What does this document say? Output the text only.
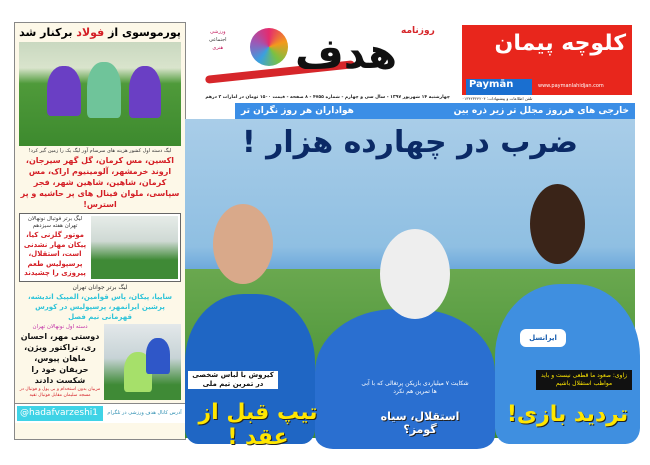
پورموسوی از فولاد برکنار شد
لیگ دسته اول کشور هزینه های سرسام آور لیگ یک را زمین گیر کرد!
اکسین، مس کرمان، گل گهر سیرجان، اروند خرمشهر، آلومینیوم اراک، مس کرمان، شاهین، شاهین شهر، فجر سپاسی، ملوان فینال های پر حاشیه و پر استرس!
لیگ برتر فوتبال نونهالان تهران هفته سیزدهم
موتور گلزنی کیا، پیکان مهار نشدنی است، استقلال، پرسپولیس طعم پیروزی را چشیدند
لیگ برتر جوانان تهران
سایپا، پیکان، پاس قوامین، المپیک اندیشه، پرشین ایرانمهر، پرسپولیس در کورس قهرمانی نیم فصل
دسته اول نونهالان تهران
دوستی مهر، احسان ری، تراکتور ویژن، ماهان پیوس، حریفان خود را شکست دادند
مربیان بدون استخدام و بی پول و فوتبال در مسجد سلیمان مقابل فوتبال تقیه
@hadafvarzeshi1	آدرس کانال هدف ورزشی در تلگرام
هدف روزنامه
ورزشی
اجتماعی
هنری
چهارشنبه ۱۴ شهریور ۱۳۹۷ - سال سی و چهارم - شماره ۴۷۵۵ - ۸ صفحه - قیمت ۱۵۰۰ تومان در امارات ۲ درهم
کلوچه پیمان
Paymān	www.paymanlahidjan.com
تلفن اطلاعات و پیشنهادات: ۰۱۳۴۲۳۲۴۲۰۴
خارجی های هرروز مجلل تر زیر ذره بین
هواداران هر روز نگران تر
ایرانسل
ضرب در چهارده هزار !
کیروش با لباس شخصی
در تمرین تیم ملی
تیپ قبل از عقد !
شکایت ۷ میلیاردی بازیکن پرتغالی که با آبی ها تمرین هم نکرد
استقلال، سیاه گومز؟
زاوی: صعود ما قطعی نیست و باید مواظب استقلال باشیم
تردید بازی!
